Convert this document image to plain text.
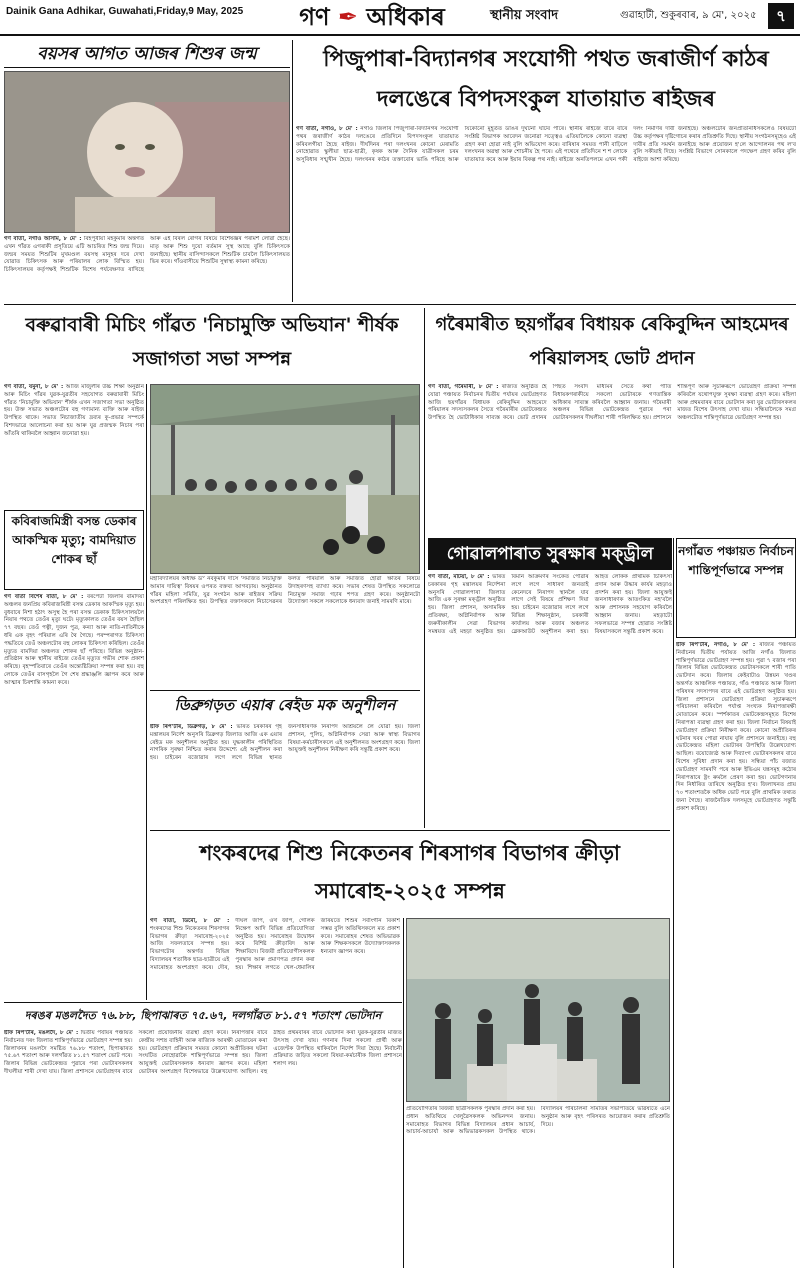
Dainik Gana Adhikar, Guwahati,Friday,9 May, 2025	গণ ✒ অধিকাৰ	স্থানীয় সংবাদ	গুৱাহাটী, শুকুৰবাৰ, ৯ মে', ২০২৫	৭
বয়সৰ আগত আজৰ শিশুৰ জন্ম
গণ বাৰ্তা, নগাঁও আসাম, ৮ মে' : বিহপুৰীয়া মহকুমাৰ অন্তৰ্গত এখন গাঁৱত এগৰাকী প্ৰসূতিয়ে এটি আচৰিত শিশু জন্ম দিয়ে। জন্মৰ সময়ত শিশুটিৰ মুখমণ্ডল বয়সস্থ মানুহৰ দৰে দেখা যোৱাত চিকিৎসক আৰু পৰিয়ালৰ লোক বিস্মিত হয়। চিকিৎসালয়ৰ কৰ্তৃপক্ষই শিশুটিক বিশেষ পৰ্যবেক্ষণত ৰাখিছে আৰু এই বিৰল ৰোগৰ বিষয়ে বিশেষজ্ঞৰ পৰামৰ্শ লোৱা হৈছে। মাতৃ আৰু শিশু দুয়ো বৰ্তমান সুস্থ আছে বুলি চিকিৎসকে জনাইছে। স্থানীয় বাসিন্দাসকলে শিশুটিক চাবলৈ চিকিৎসালয়ত ভিৰ কৰে। গাঁওবাসীয়ে শিশুটিৰ সুস্বাস্থ্য কামনা কৰিছে।
পিজুপাৰা-বিদ্যানগৰ সংযোগী পথত জৰাজীৰ্ণ কাঠৰ দলঙেৰে বিপদসংকুল যাতায়াত ৰাইজৰ
গণ বাৰ্তা, নগাঁও, ৮ মে' : নগাঁও জিলাৰ পিজুপাৰা-বিদ্যানগৰ সংযোগী পথৰ জৰাজীৰ্ণ কাঠৰ দলঙেৰে প্ৰতিদিনে বিপদসংকুল যাতায়াত কৰিবলগীয়া হৈছে ৰাইজ। দীৰ্ঘদিনৰ পৰা দলংখনৰ কোনো মেৰামতি নোহোৱাত স্কুলীয়া ছাত্ৰ-ছাত্ৰী, কৃষক আৰু দৈনিক যাত্ৰীসকল চৰম অসুবিধাৰ সন্মুখীন হৈছে। দলংখনৰ কাঠৰ তক্তাবোৰ ভাঙি পৰিছে আৰু যিকোনো মুহূৰ্তত ডাঙৰ দুৰ্ঘটনা ঘটিব পাৰে। স্থানীয় ৰাইজে বাৰে বাৰে সংশ্লিষ্ট বিভাগক আবেদন জনোৱা সত্ত্বেও এতিয়ালৈকে কোনো ব্যৱস্থা গ্ৰহণ কৰা হোৱা নাই বুলি অভিযোগ কৰে। বাৰিষাৰ সময়ত পানী বাঢ়িলে দলংখনৰ অৱস্থা আৰু শোচনীয় হৈ পৰে। এই পথেৰে প্ৰতিদিনে শ শ লোকে যাতায়াত কৰে আৰু ইয়াৰ বিকল্প পথ নাই। ৰাইজে অনতিপলমে এখন পকী দলং নিৰ্মাণৰ দাবী জনাইছে। অঞ্চলটোৰ জনপ্ৰতিনিধিসকলেও বিষয়টো উচ্চ কৰ্তৃপক্ষৰ দৃষ্টিগোচৰ কৰাৰ প্ৰতিশ্ৰুতি দিছে। স্থানীয় সংগঠনসমূহেও এই দাবীৰ প্ৰতি সমৰ্থন জনাইছে আৰু প্ৰয়োজন হ'লে আন্দোলনৰ পথ ল'ব বুলি সকীয়াই দিছে। সংশ্লিষ্ট বিভাগে সোনকালে পদক্ষেপ গ্ৰহণ কৰিব বুলি ৰাইজে আশা কৰিছে।
বৰুৱাবাৰী মিচিং গাঁৱত 'নিচামুক্তি অভিযান' শীৰ্ষক সজাগতা সভা সম্পন্ন
গণ বাৰ্তা, যমুনা, ৮ মে' : আজি মাজুলীৰ উচ্চ শিক্ষা অনুষ্ঠান আৰু মিচিং গাঁৱৰ যুৱক-যুৱতীৰ সহযোগত বৰুৱাবাৰী মিচিং গাঁৱত 'নিচামুক্তি অভিযান' শীৰ্ষক এখন সজাগতা সভা অনুষ্ঠিত হয়। উক্ত সভাত অঞ্চলটোৰ বহু গণ্যমান্য ব্যক্তি আৰু ৰাইজ উপস্থিত থাকে। সভাত নিচাজাতীয় দ্ৰব্যৰ কু-প্ৰভাৱ সম্পৰ্কে বিশদভাৱে আলোচনা কৰা হয় আৰু যুৱ প্ৰজন্মক নিচাৰ পৰা আঁতৰি থাকিবলৈ আহ্বান জনোৱা হয়।
মহাবিদ্যালয়ৰ অধ্যক্ষ ড° নবকুমাৰ দাসে 'সমাজত নিচামুক্তি আমাৰ দায়িত্ব' বিষয়ৰ ওপৰত বক্তব্য আগবঢ়ায়। অনুষ্ঠানত গাঁৱৰ মহিলা সমিতি, যুৱ সংগঠন আৰু ৰাইজৰ সক্ৰিয় অংশগ্ৰহণ পৰিলক্ষিত হয়। উপস্থিত বক্তাসকলে নিচাসেৱনৰ ফলত পৰিয়াল আৰু সমাজত হোৱা ক্ষতিৰ বিষয়ে উদাহৰণসহ ব্যাখ্যা কৰে। সভাৰ শেষত উপস্থিত সকলোৱে নিচামুক্ত সমাজ গঢ়াৰ শপত গ্ৰহণ কৰে। অনুষ্ঠানটো উদ্যোক্তা সকলে সকলোকে ধন্যবাদ জনাই সামৰণি মাৰে।
কবিৰাজমিস্ত্ৰী বসন্ত ডেকাৰ আকস্মিক মৃত্যু; বামদিয়াত শোকৰ ছাঁ
গণ বাৰ্তা বিশেষ বাৰ্তা, ৮ মে' : বৰপেটা জিলাৰ বামদিয়া অঞ্চলৰ জনপ্ৰিয় কবিৰাজমিস্ত্ৰী বসন্ত ডেকাৰ আকস্মিক মৃত্যু হয়। বুধবাৰে নিশা হঠাৎ অসুস্থ হৈ পৰা বসন্ত ডেকাক চিকিৎসালয়লৈ নিয়াৰ পথতে তেওঁৰ মৃত্যু ঘটে। মৃত্যুকালত তেওঁৰ বয়স হৈছিল ৭৭ বছৰ। তেওঁ পত্নী, দুজন পুত্ৰ, কন্যা আৰু নাতি-নাতিনীকে ধৰি এক বৃহৎ পৰিয়াল এৰি থৈ গৈছে। পৰম্পৰাগত চিকিৎসা পদ্ধতিৰে তেওঁ অঞ্চলটোৰ বহু লোকৰ চিকিৎসা কৰিছিল। তেওঁৰ মৃত্যুত বামদিয়া অঞ্চলত শোকৰ ছাঁ পৰিছে। বিভিন্ন অনুষ্ঠান-প্ৰতিষ্ঠান আৰু স্থানীয় ৰাইজে তেওঁৰ মৃত্যুত গভীৰ শোক প্ৰকাশ কৰিছে। বৃহস্পতিবাৰে তেওঁৰ অন্ত্যেষ্টিক্ৰিয়া সম্পন্ন কৰা হয়। বহু লোকে তেওঁৰ বাসগৃহলৈ গৈ শেষ শ্ৰদ্ধাঞ্জলি জ্ঞাপন কৰে আৰু আত্মাৰ চিৰশান্তি কামনা কৰে।
ডিব্ৰুগড়ত এয়াৰ ৰেইড মক অনুশীলন
ষ্টাফ ৰিপ'ৰ্টাৰ, ডিব্ৰুগড়, ৮ মে' : ভাৰত চৰকাৰৰ গৃহ মন্ত্ৰালয়ৰ নিৰ্দেশ অনুসৰি ডিব্ৰুগড় জিলাত আজি এক এয়াৰ ৰেইড মক অনুশীলন অনুষ্ঠিত হয়। যুদ্ধকালীন পৰিস্থিতিত নাগৰিক সুৰক্ষা নিশ্চিত কৰাৰ উদ্দেশ্যে এই অনুশীলন কৰা হয়। চাইৰেন বজোৱাৰ লগে লগে বিভিন্ন স্থানত জনসাধাৰণক নিৰাপদ আশ্ৰয়লৈ লৈ যোৱা হয়। জিলা প্ৰশাসন, পুলিচ, অগ্নিনিৰ্বাপক সেৱা আৰু স্বাস্থ্য বিভাগৰ বিষয়া-কৰ্মচাৰীসকলে এই অনুশীলনত অংশগ্ৰহণ কৰে। জিলা আয়ুক্তই অনুশীলন নিৰীক্ষণ কৰি সন্তুষ্টি প্ৰকাশ কৰে।
গৰৈমাৰীত ছয়গাঁৱৰ বিধায়ক ৰেকিবুদ্দিন আহমেদৰ পৰিয়ালসহ ভোট প্ৰদান
গণ বাৰ্তা, গৰৈমাৰী, ৮ মে' : ৰাজ্যত অনুষ্ঠিত হৈ যোৱা পঞ্চায়ত নিৰ্বাচনৰ দ্বিতীয় পৰ্যায়ৰ ভোটগ্ৰহণত আজি ছয়গাঁৱৰ বিধায়ক ৰেকিবুদ্দিন আহমেদে পৰিয়ালৰ সদস্যসকলৰ সৈতে গৰৈমাৰীৰ ভোটকেন্দ্ৰত উপস্থিত হৈ ভোটাধিকাৰ সাব্যস্ত কৰে। ভোট প্ৰদানৰ পিছত সংবাদ মাধ্যমৰ সৈতে কথা পাতি বিধায়কগৰাকীয়ে সকলো ভোটাৰকে গণতান্ত্ৰিক অধিকাৰ সাব্যস্ত কৰিবলৈ আহ্বান জনায়। গৰৈমাৰী অঞ্চলৰ বিভিন্ন ভোটকেন্দ্ৰত পুৱাৰে পৰা ভোটাৰসকলৰ দীঘলীয়া শাৰী পৰিলক্ষিত হয়। প্ৰশাসনে শান্তিপূৰ্ণ আৰু সুচাৰুৰূপে ভোটগ্ৰহণ প্ৰক্ৰিয়া সম্পন্ন কৰিবলৈ যথোপযুক্ত সুৰক্ষা ব্যৱস্থা গ্ৰহণ কৰে। মহিলা আৰু প্ৰথমবাৰৰ বাবে ভোটদান কৰা যুৱ ভোটাৰসকলৰ মাজত বিশেষ উৎসাহ দেখা যায়। সন্ধিয়ালৈকে সমগ্ৰ অঞ্চলটোত শান্তিপূৰ্ণভাৱে ভোটগ্ৰহণ সম্পন্ন হয়।
গোৱালপাৰাত সুৰক্ষাৰ মক্‌ড্ৰীল
গণ বাৰ্তা, মটিয়া, ৮ মে' : ভাৰত চৰকাৰৰ গৃহ মন্ত্ৰালয়ৰ নিৰ্দেশনা অনুসৰি গোৱালপাৰা জিলাত আজি এক সুৰক্ষা মক্‌ড্ৰীল অনুষ্ঠিত হয়। জিলা প্ৰশাসন, অসামৰিক প্ৰতিৰক্ষা, অগ্নিনিৰ্বাপক আৰু জৰুৰীকালীন সেৱা বিভাগৰ সমন্বয়ত এই মহড়া অনুষ্ঠিত হয়। বিমান আক্ৰমণৰ সংকেত পোৱাৰ লগে লগে সাধাৰণ জনতাই কেনেদৰে নিৰাপদ স্থানলৈ যাব লাগে সেই বিষয়ে প্ৰশিক্ষণ দিয়া হয়। চাইৰেন বজোৱাৰ লগে লগে বিভিন্ন শিক্ষানুষ্ঠান, চৰকাৰী কাৰ্যালয় আৰু বজাৰ অঞ্চলত ব্লেকআউট অনুশীলন কৰা হয়। আহত লোকক প্ৰাথমিক চিকিৎসা প্ৰদান আৰু উদ্ধাৰ কাৰ্যৰ মহড়াও প্ৰদৰ্শন কৰা হয়। জিলা আয়ুক্তই জনসাধাৰণক আতংকিত নহ'বলৈ আৰু প্ৰশাসনক সহযোগ কৰিবলৈ আহ্বান জনায়। মহড়াটো সফলভাৱে সম্পন্ন হোৱাত সংশ্লিষ্ট বিষয়াসকলে সন্তুষ্টি প্ৰকাশ কৰে।
নগাঁৱত পঞ্চায়ত নিৰ্বাচন শান্তিপূৰ্ণভাৱে সম্পন্ন
ষ্টাফ ৰিপ'ৰ্টাৰ, নগাঁও, ৮ মে' : ৰাজ্যৰ পঞ্চায়ত নিৰ্বাচনৰ দ্বিতীয় পৰ্যায়ত আজি নগাঁও জিলাত শান্তিপূৰ্ণভাৱে ভোটগ্ৰহণ সম্পন্ন হয়। পুৱা ৭ বজাৰ পৰা জিলাৰ বিভিন্ন ভোটকেন্দ্ৰত ভোটাৰসকলে শাৰী পাতি ভোটদান কৰে। জিলাৰ কেইবাটাও উন্নয়ন খণ্ডৰ অন্তৰ্গত আঞ্চলিক পঞ্চায়ত, গাঁও পঞ্চায়ত আৰু জিলা পৰিষদৰ সদস্যপদৰ বাবে এই ভোটগ্ৰহণ অনুষ্ঠিত হয়। জিলা প্ৰশাসনে ভোটগ্ৰহণ প্ৰক্ৰিয়া সুচাৰুৰূপে পৰিচালনা কৰিবলৈ পৰ্যাপ্ত সংখ্যক নিৰাপত্তাৰক্ষী মোতায়েন কৰে। স্পৰ্শকাতৰ ভোটকেন্দ্ৰসমূহত বিশেষ নিৰাপত্তা ব্যৱস্থা গ্ৰহণ কৰা হয়। জিলা নিৰ্বাচন বিষয়াই ভোটগ্ৰহণ প্ৰক্ৰিয়া নিৰীক্ষণ কৰে। কোনো অপ্ৰীতিকৰ ঘটনাৰ খবৰ পোৱা নাযায় বুলি প্ৰশাসনে জনাইছে। বহু ভোটকেন্দ্ৰত মহিলা ভোটাৰৰ উপস্থিতি উল্লেখযোগ্য আছিল। বয়োজ্যেষ্ঠ আৰু দিব্যাংগ ভোটাৰসকলৰ বাবে বিশেষ সুবিধা প্ৰদান কৰা হয়। সন্ধিয়া পাঁচ বজাত ভোটগ্ৰহণ সামৰণি পৰে আৰু ইভিএম যন্ত্ৰসমূহ কঠোৰ নিৰাপত্তাৰে ষ্ট্ৰং ৰুমলৈ প্ৰেৰণ কৰা হয়। ভোটগণনাৰ দিন নিৰ্ধাৰিত তাৰিখে অনুষ্ঠিত হ'ব। জিলাখনত প্ৰায় ৭০ শতাংশতকৈ অধিক ভোট পৰে বুলি প্ৰাথমিক তথ্যত জনা গৈছে। ৰাজনৈতিক দলসমূহে ভোটগ্ৰহণত সন্তুষ্টি প্ৰকাশ কৰিছে।
শংকৰদেৱ শিশু নিকেতনৰ শিৰসাগৰ বিভাগৰ ক্ৰীড়া সমাৰোহ-২০২৫ সম্পন্ন
গণ বাৰ্তা, ডিমৌ, ৮ মে' : শংকৰদেৱ শিশু নিকেতনৰ শিৰসাগৰ বিভাগৰ ক্ৰীড়া সমাৰোহ-২০২৫ আজি সফলতাৰে সম্পন্ন হয়। বিভাগটোৰ অন্তৰ্গত বিভিন্ন বিদ্যালয়ৰ শতাধিক ছাত্ৰ-ছাত্ৰীয়ে এই সমাৰোহত অংশগ্ৰহণ কৰে। দৌৰ, দীঘল জাঁপ, ওখ জাঁপ, গোলক নিক্ষেপ আদি বিভিন্ন প্ৰতিযোগিতা অনুষ্ঠিত হয়। সমাৰোহৰ উদ্বোধন কৰে বিশিষ্ট ক্ৰীড়াবিদ আৰু শিক্ষাবিদে। বিজয়ী প্ৰতিযোগীসকলক পুৰস্কাৰ আৰু প্ৰমাণপত্ৰ প্ৰদান কৰা হয়। শিক্ষাৰ লগতে খেল-ধেমালিৰ জৰিয়তে শিশুৰ সৰ্বাংগীন বিকাশ সম্ভৱ বুলি অতিথিসকলে মত প্ৰকাশ কৰে। সমাৰোহৰ শেষত অভিভাৱক আৰু শিক্ষকসকলে উদ্যোক্তাসকলক ধন্যবাদ জ্ঞাপন কৰে।
প্ৰতিযোগিতাৰ বিজয়ী ছাত্ৰীসকলক পুৰস্কাৰ প্ৰদান কৰা হয়। প্ৰধান অতিথিয়ে খেলুৱৈসকলক অভিনন্দন জনায়। সমাৰোহত বিভাগৰ বিভিন্ন বিদ্যালয়ৰ প্ৰধান আচাৰ্য, আচাৰ্য-আচাৰ্যা আৰু অভিভাৱকসকল উপস্থিত থাকে। বিদ্যালয়ৰ পৰিচালনা সমিতিৰ সভাপতিয়ে ভৱিষ্যতে এনে অনুষ্ঠান আৰু বৃহৎ পৰিসৰত আয়োজন কৰাৰ প্ৰতিশ্ৰুতি দিয়ে।
দৰঙৰ মঙলদৈত ৭৬.৮৮, ছিপাঝাৰত ৭৫.৬৭, দলগাঁৱত ৮১.৫৭ শতাংশ ভোটদান
ষ্টাফ ৰিপ'ৰ্টাৰ, মঙলদৈ, ৮ মে' : দ্বিতীয় পৰ্যায়ৰ পঞ্চায়ত নিৰ্বাচনত দৰং জিলাত শান্তিপূৰ্ণভাৱে ভোটগ্ৰহণ সম্পন্ন হয়। জিলাখনৰ মঙলদৈ সমষ্টিত ৭৬.৮৮ শতাংশ, ছিপাঝাৰত ৭৫.৬৭ শতাংশ আৰু দলগাঁৱত ৮১.৫৭ শতাংশ ভোট পৰে। জিলাৰ বিভিন্ন ভোটকেন্দ্ৰত পুৱাৰে পৰা ভোটাৰসকলৰ দীঘলীয়া শাৰী দেখা যায়। জিলা প্ৰশাসনে ভোটগ্ৰহণৰ বাবে সকলো প্ৰয়োজনীয় ব্যৱস্থা গ্ৰহণ কৰে। নিৰাপত্তাৰ বাবে কেন্দ্ৰীয় সশস্ত্ৰ বাহিনী আৰু ৰাজ্যিক আৰক্ষী মোতায়েন কৰা হয়। ভোটগ্ৰহণ প্ৰক্ৰিয়াৰ সময়ত কোনো অপ্ৰীতিকৰ ঘটনা সংঘটিত নোহোৱাকৈ শান্তিপূৰ্ণভাৱে সম্পন্ন হয়। জিলা আয়ুক্তই ভোটাৰসকলক ধন্যবাদ জ্ঞাপন কৰে। মহিলা ভোটাৰৰ অংশগ্ৰহণ বিশেষভাৱে উল্লেখযোগ্য আছিল। বহু ঠাইত প্ৰথমবাৰৰ বাবে ভোটদান কৰা যুৱক-যুৱতীৰ মাজত উৎসাহ দেখা যায়। গণনাৰ দিনা সকলো প্ৰাৰ্থী আৰু এজেণ্টক উপস্থিত থাকিবলৈ নিৰ্দেশ দিয়া হৈছে। নিৰ্বাচনী প্ৰক্ৰিয়াত জড়িত সকলো বিষয়া-কৰ্মচাৰীক জিলা প্ৰশাসনে শলাগ লয়।
